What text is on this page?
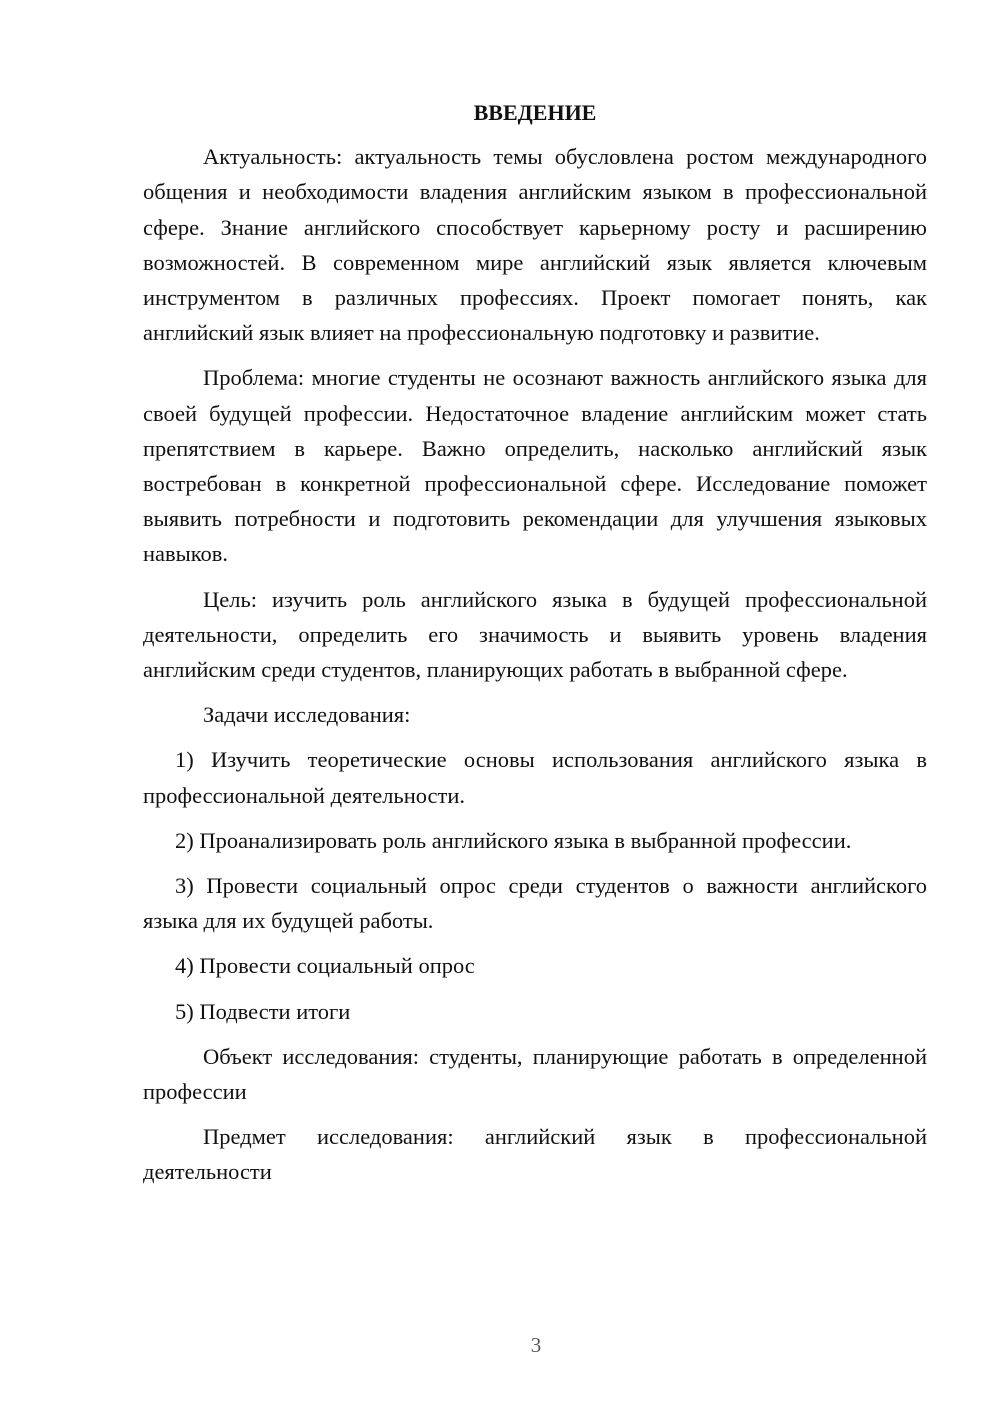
ВВЕДЕНИЕ

Актуальность: актуальность темы обусловлена ростом международного общения и необходимости владения английским языком в профессиональной сфере. Знание английского способствует карьерному росту и расширению возможностей. В современном мире английский язык является ключевым инструментом в различных профессиях. Проект помогает понять, как английский язык влияет на профессиональную подготовку и развитие.

Проблема: многие студенты не осознают важность английского языка для своей будущей профессии. Недостаточное владение английским может стать препятствием в карьере. Важно определить, насколько английский язык востребован в конкретной профессиональной сфере. Исследование поможет выявить потребности и подготовить рекомендации для улучшения языковых навыков.

Цель: изучить роль английского языка в будущей профессиональной деятельности, определить его значимость и выявить уровень владения английским среди студентов, планирующих работать в выбранной сфере.

Задачи исследования:

1) Изучить теоретические основы использования английского языка в профессиональной деятельности.

2) Проанализировать роль английского языка в выбранной профессии.

3) Провести социальный опрос среди студентов о важности английского языка для их будущей работы.

4) Провести социальный опрос

5) Подвести итоги

Объект исследования: студенты, планирующие работать в определенной профессии

Предмет исследования: английский язык в профессиональной деятельности

3
